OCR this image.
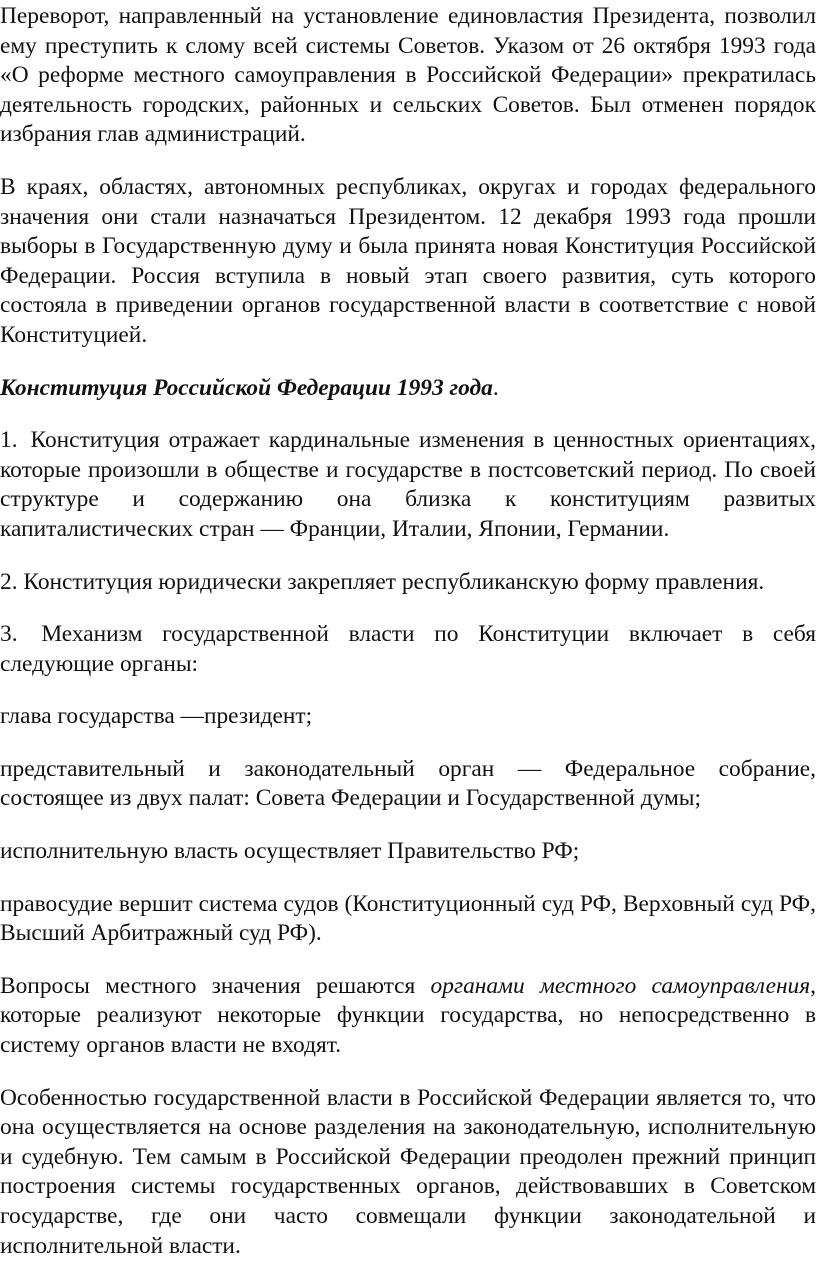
Переворот, направленный на установление единовластия Президента, позволил ему преступить к слому всей системы Советов. Указом от 26 октября 1993 года «О реформе местного самоуправления в Российской Федерации» прекратилась деятельность городских, районных и сельских Советов. Был отменен порядок избрания глав администраций.

В краях, областях, автономных республиках, округах и городах федерального значения они стали назначаться Президентом. 12 декабря 1993 года прошли выборы в Государственную думу и была принята новая Конституция Российской Федерации. Россия вступила в новый этап своего развития, суть которого состояла в приведении органов государственной власти в соответствие с новой Конституцией.

Конституция Российской Федерации 1993 года.

1. Конституция отражает кардинальные изменения в ценностных ориентациях, которые произошли в обществе и государстве в постсоветский период. По своей структуре и содержанию она близка к конституциям развитых капиталистических стран — Франции, Италии, Японии, Германии.

2. Конституция юридически закрепляет республиканскую форму правления.

3. Механизм государственной власти по Конституции включает в себя следующие органы:

глава государства —президент;

представительный и законодательный орган — Федеральное собрание, состоящее из двух палат: Совета Федерации и Государственной думы;

исполнительную власть осуществляет Правительство РФ;

правосудие вершит система судов (Конституционный суд РФ, Верховный суд РФ, Высший Арбитражный суд РФ).

Вопросы местного значения решаются органами местного самоуправления, которые реализуют некоторые функции государства, но непосредственно в систему органов власти не входят.

Особенностью государственной власти в Российской Федерации является то, что она осуществляется на основе разделения на законодательную, исполнительную и судебную. Тем самым в Российской Федерации преодолен прежний принцип построения системы государственных органов, действовавших в Советском государстве, где они часто совмещали функции законодательной и исполнительной власти.
